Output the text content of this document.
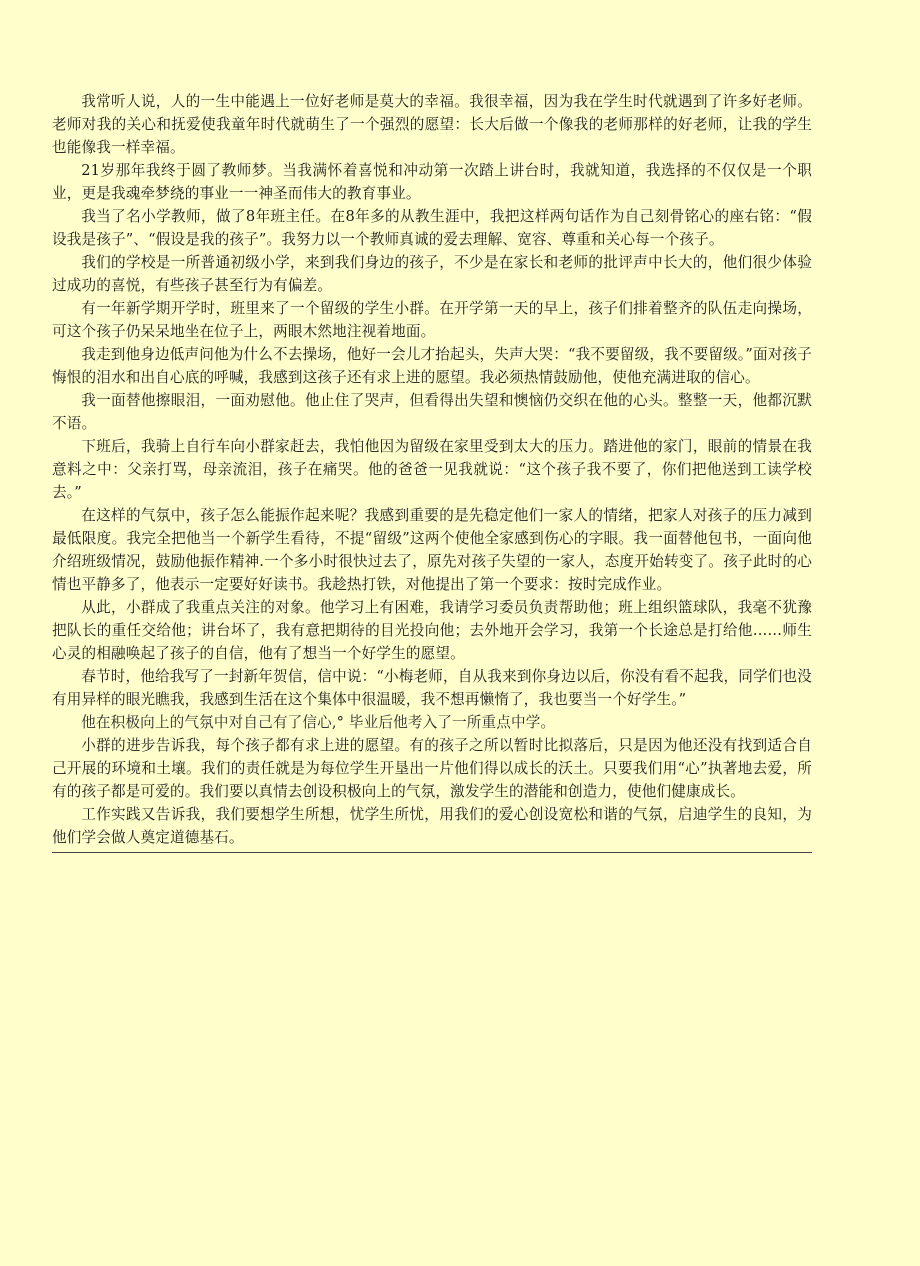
我常听人说，人的一生中能遇上一位好老师是莫大的幸福。我很幸福，因为我在学生时代就遇到了许多好老师。老师对我的关心和抚爱使我童年时代就萌生了一个强烈的愿望：长大后做一个像我的老师那样的好老师，让我的学生也能像我一样幸福。

21岁那年我终于圆了教师梦。当我满怀着喜悦和冲动第一次踏上讲台时，我就知道，我选择的不仅仅是一个职业，更是我魂牵梦绕的事业一一神圣而伟大的教育事业。

我当了名小学教师，做了8年班主任。在8年多的从教生涯中，我把这样两句话作为自己刻骨铭心的座右铭：“假设我是孩子”、“假设是我的孩子”。我努力以一个教师真诚的爱去理解、宽容、尊重和关心每一个孩子。

我们的学校是一所普通初级小学，来到我们身边的孩子，不少是在家长和老师的批评声中长大的，他们很少体验过成功的喜悦，有些孩子甚至行为有偏差。

有一年新学期开学时，班里来了一个留级的学生小群。在开学第一天的早上，孩子们排着整齐的队伍走向操场，可这个孩子仍呆呆地坐在位子上，两眼木然地注视着地面。

我走到他身边低声问他为什么不去操场，他好一会儿才抬起头，失声大哭：“我不要留级，我不要留级。”面对孩子悔恨的泪水和出自心底的呼喊，我感到这孩子还有求上进的愿望。我必须热情鼓励他，使他充满进取的信心。

我一面替他擦眼泪，一面劝慰他。他止住了哭声，但看得出失望和懊恼仍交织在他的心头。整整一天，他都沉默不语。

下班后，我骑上自行车向小群家赶去，我怕他因为留级在家里受到太大的压力。踏进他的家门，眼前的情景在我意料之中：父亲打骂，母亲流泪，孩子在痛哭。他的爸爸一见我就说：“这个孩子我不要了，你们把他送到工读学校去。”

在这样的气氛中，孩子怎么能振作起来呢？我感到重要的是先稳定他们一家人的情绪，把家人对孩子的压力减到最低限度。我完全把他当一个新学生看待，不提“留级”这两个使他全家感到伤心的字眼。我一面替他包书，一面向他介绍班级情况，鼓励他振作精神.一个多小时很快过去了，原先对孩子失望的一家人，态度开始转变了。孩子此时的心情也平静多了，他表示一定要好好读书。我趁热打铁，对他提出了第一个要求：按时完成作业。

从此，小群成了我重点关注的对象。他学习上有困难，我请学习委员负责帮助他；班上组织篮球队，我毫不犹豫把队长的重任交给他；讲台坏了，我有意把期待的目光投向他；去外地开会学习，我第一个长途总是打给他……师生心灵的相融唤起了孩子的自信，他有了想当一个好学生的愿望。

春节时，他给我写了一封新年贺信，信中说：“小梅老师，自从我来到你身边以后，你没有看不起我，同学们也没有用异样的眼光瞧我，我感到生活在这个集体中很温暖，我不想再懒惰了，我也要当一个好学生。”

他在积极向上的气氛中对自己有了信心,° 毕业后他考入了一所重点中学。

小群的进步告诉我，每个孩子都有求上进的愿望。有的孩子之所以暂时比拟落后，只是因为他还没有找到适合自己开展的环境和土壤。我们的责任就是为每位学生开垦出一片他们得以成长的沃土。只要我们用“心”执著地去爱，所有的孩子都是可爱的。我们要以真情去创设积极向上的气氛，激发学生的潜能和创造力，使他们健康成长。

工作实践又告诉我，我们要想学生所想，忧学生所忧，用我们的爱心创设宽松和谐的气氛，启迪学生的良知，为他们学会做人奠定道德基石。
